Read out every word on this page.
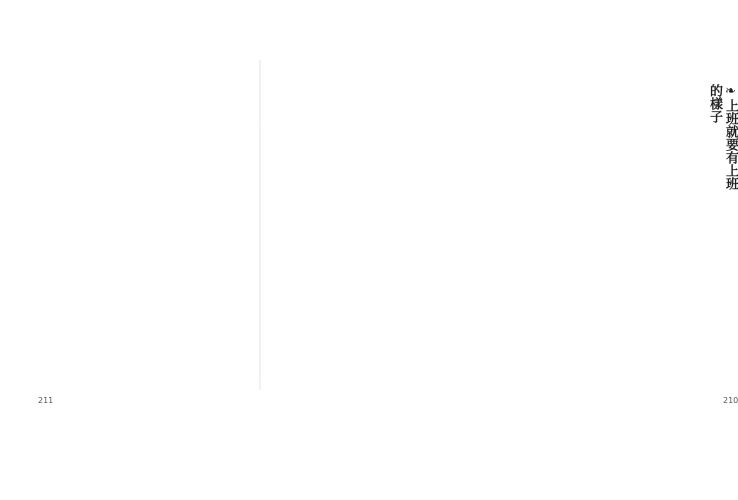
211
❧上班就要有上班的樣子
210
